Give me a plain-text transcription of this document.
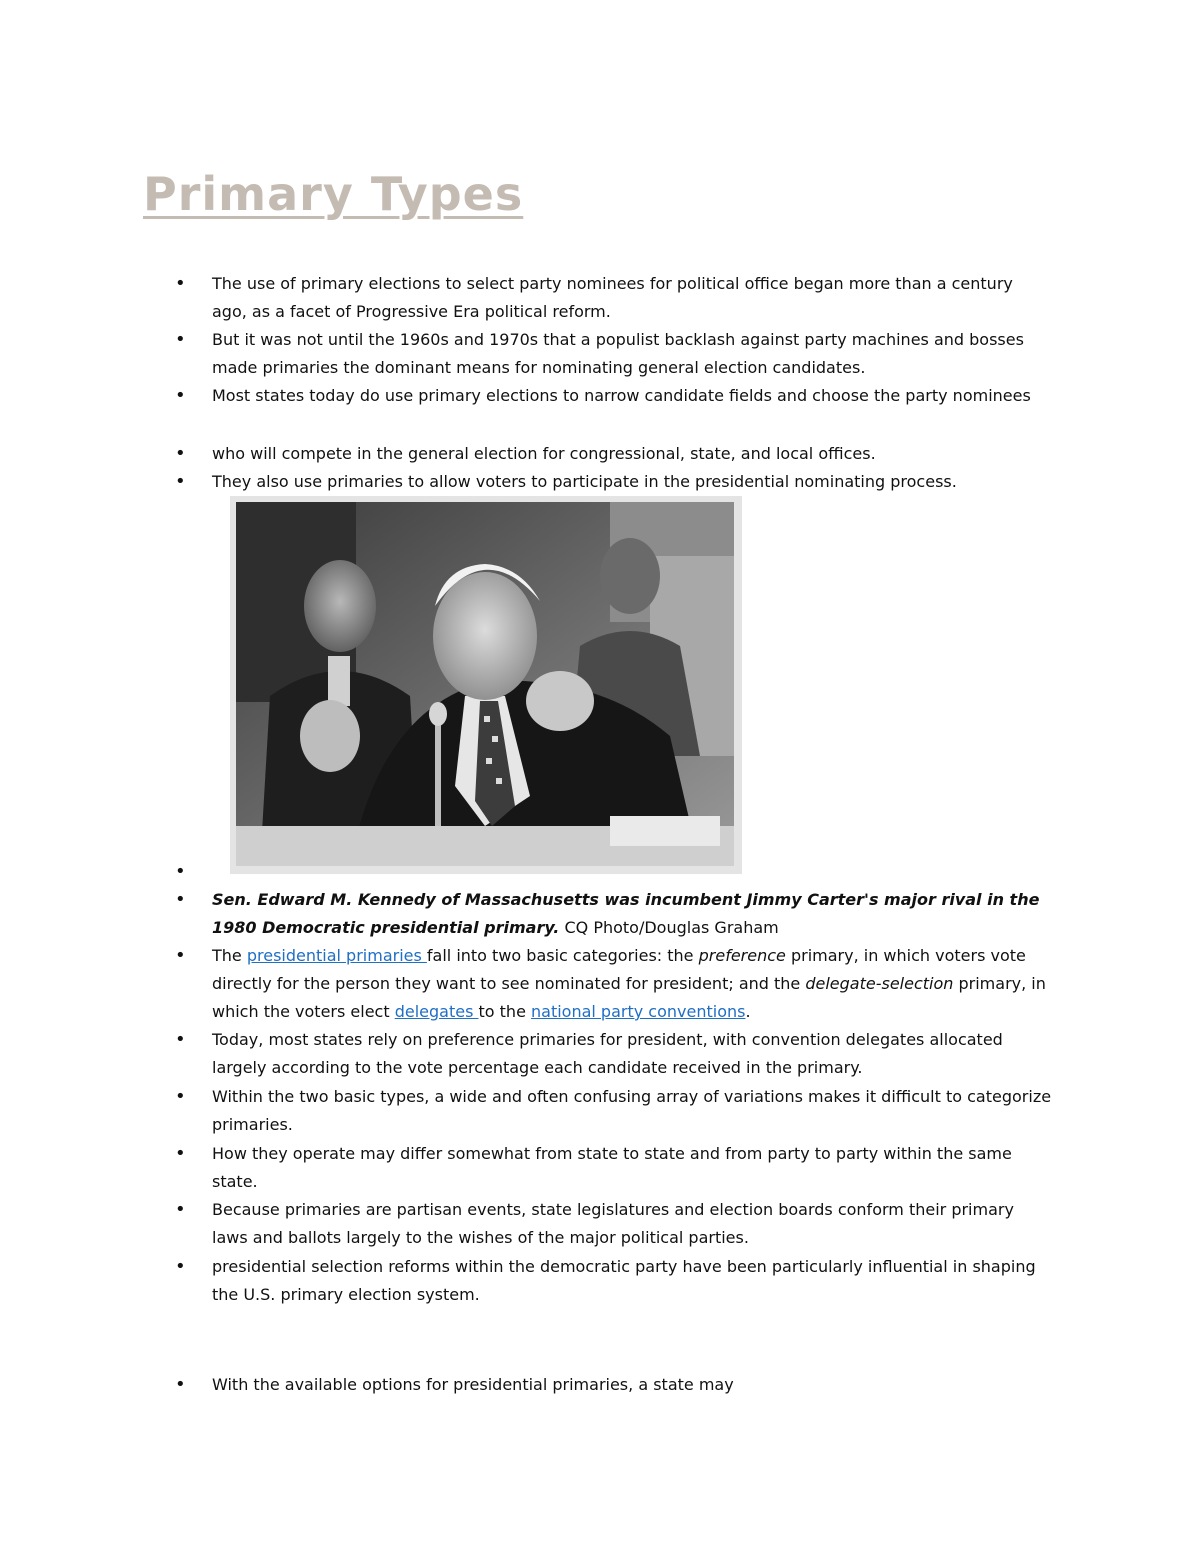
Primary Types
• The use of primary elections to select party nominees for political office began more than a century ago, as a facet of Progressive Era political reform.
• But it was not until the 1960s and 1970s that a populist backlash against party machines and bosses made primaries the dominant means for nominating general election candidates.
• Most states today do use primary elections to narrow candidate fields and choose the party nominees
• who will compete in the general election for congressional, state, and local offices.
• They also use primaries to allow voters to participate in the presidential nominating process.
•
• Sen. Edward M. Kennedy of Massachusetts was incumbent Jimmy Carter's major rival in the 1980 Democratic presidential primary. CQ Photo/Douglas Graham
• The presidential primaries fall into two basic categories: the preference primary, in which voters vote directly for the person they want to see nominated for president; and the delegate-selection primary, in which the voters elect delegates to the national party conventions.
• Today, most states rely on preference primaries for president, with convention delegates allocated largely according to the vote percentage each candidate received in the primary.
• Within the two basic types, a wide and often confusing array of variations makes it difficult to categorize primaries.
• How they operate may differ somewhat from state to state and from party to party within the same state.
• Because primaries are partisan events, state legislatures and election boards conform their primary laws and ballots largely to the wishes of the major political parties.
• presidential selection reforms within the democratic party have been particularly influential in shaping the U.S. primary election system.
• With the available options for presidential primaries, a state may
